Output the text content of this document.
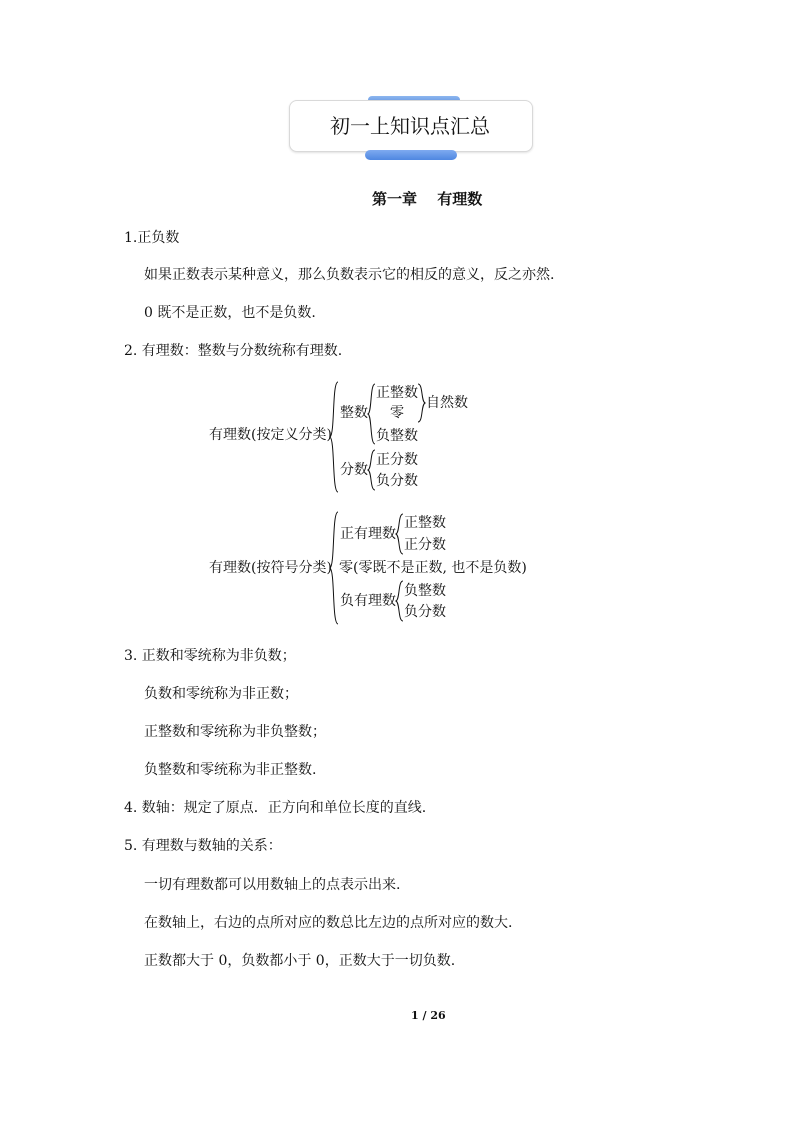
初一上知识点汇总
第一章　 有理数
1.正负数
如果正数表示某种意义，那么负数表示它的相反的意义，反之亦然.
0 既不是正数，也不是负数.
2. 有理数：整数与分数统称有理数.
有理数(按定义分类)
整数
正整数
零
自然数
负整数
分数
正分数
负分数
有理数(按符号分类)
正有理数
正整数
正分数
零(零既不是正数, 也不是负数)
负有理数
负整数
负分数
3. 正数和零统称为非负数；
负数和零统称为非正数；
正整数和零统称为非负整数；
负整数和零统称为非正整数.
4. 数轴：规定了原点．正方向和单位长度的直线.
5. 有理数与数轴的关系：
一切有理数都可以用数轴上的点表示出来.
在数轴上，右边的点所对应的数总比左边的点所对应的数大.
正数都大于 0，负数都小于 0，正数大于一切负数.
1 / 26
